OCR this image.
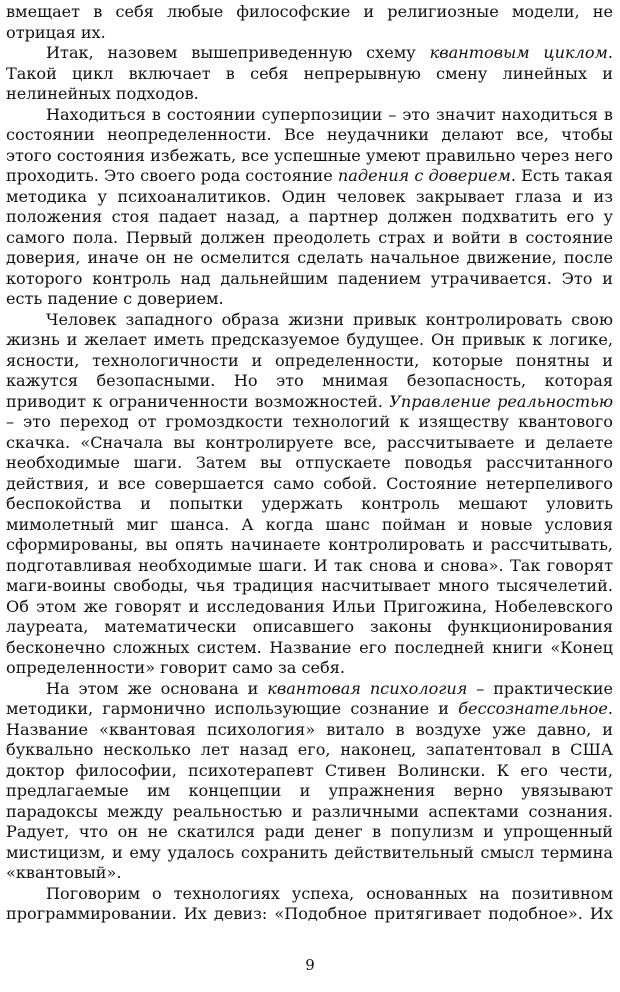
вмещает в себя любые философские и религиозные модели, не отрицая их.

Итак, назовем вышеприведенную схему квантовым циклом. Такой цикл включает в себя непрерывную смену линейных и нелинейных подходов.

Находиться в состоянии суперпозиции – это значит находиться в состоянии неопределенности. Все неудачники делают все, чтобы этого состояния избежать, все успешные умеют правильно через него проходить. Это своего рода состояние падения с доверием. Есть такая методика у психоаналитиков. Один человек закрывает глаза и из положения стоя падает назад, а партнер должен подхватить его у самого пола. Первый должен преодолеть страх и войти в состояние доверия, иначе он не осмелится сделать начальное движение, после которого контроль над дальнейшим падением утрачивается. Это и есть падение с доверием.

Человек западного образа жизни привык контролировать свою жизнь и желает иметь предсказуемое будущее. Он привык к логике, ясности, технологичности и определенности, которые понятны и кажутся безопасными. Но это мнимая безопасность, которая приводит к ограниченности возможностей. Управление реальностью – это переход от громоздкости технологий к изяществу квантового скачка. «Сначала вы контролируете все, рассчитываете и делаете необходимые шаги. Затем вы отпускаете поводья рассчитанного действия, и все совершается само собой. Состояние нетерпеливого беспокойства и попытки удержать контроль мешают уловить мимолетный миг шанса. А когда шанс пойман и новые условия сформированы, вы опять начинаете контролировать и рассчитывать, подготавливая необходимые шаги. И так снова и снова». Так говорят маги-воины свободы, чья традиция насчитывает много тысячелетий. Об этом же говорят и исследования Ильи Пригожина, Нобелевского лауреата, математически описавшего законы функционирования бесконечно сложных систем. Название его последней книги «Конец определенности» говорит само за себя.

На этом же основана и квантовая психология – практические методики, гармонично использующие сознание и бессознательное. Название «квантовая психология» витало в воздухе уже давно, и буквально несколько лет назад его, наконец, запатентовал в США доктор философии, психотерапевт Стивен Волински. К его чести, предлагаемые им концепции и упражнения верно увязывают парадоксы между реальностью и различными аспектами сознания. Радует, что он не скатился ради денег в популизм и упрощенный мистицизм, и ему удалось сохранить действительный смысл термина «квантовый».

Поговорим о технологиях успеха, основанных на позитивном программировании. Их девиз: «Подобное притягивает подобное». Их

9
